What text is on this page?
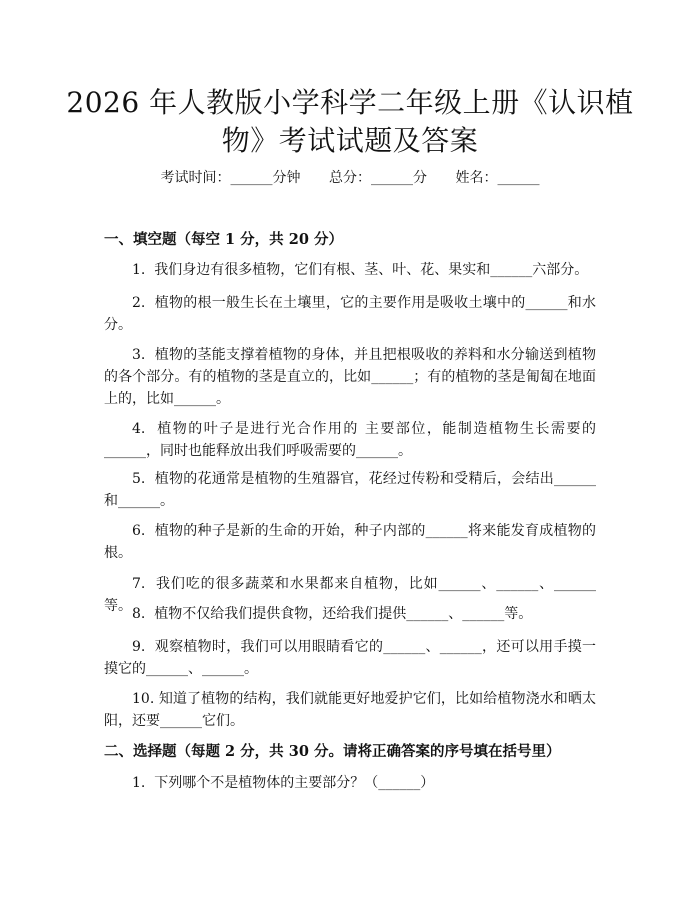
2026 年人教版小学科学二年级上册《认识植物》考试试题及答案
考试时间：______分钟 总分：______分 姓名：______
一、填空题（每空 1 分，共 20 分）
1.  我们身边有很多植物，它们有根、茎、叶、花、果实和______六部分。
2.  植物的根一般生长在土壤里，它的主要作用是吸收土壤中的______和水分。
3.  植物的茎能支撑着植物的身体，并且把根吸收的养料和水分输送到植物的各个部分。有的植物的茎是直立的，比如______；有的植物的茎是匍匐在地面上的，比如______。
4.  植物的叶子是进行光合作用的 主要部位，能制造植物生长需要的______，同时也能释放出我们呼吸需要的______。
5.  植物的花通常是植物的生殖器官，花经过传粉和受精后，会结出______和______。
6.  植物的种子是新的生命的开始，种子内部的______将来能发育成植物的根。
7.  我们吃的很多蔬菜和水果都来自植物，比如______、______、______等。 8.  植物不仅给我们提供食物，还给我们提供______、______等。
9.  观察植物时，我们可以用眼睛看它的______、______，还可以用手摸一摸它的______、______。
10. 知道了植物的结构，我们就能更好地爱护它们，比如给植物浇水和晒太阳，还要______它们。
二、选择题（每题 2 分，共 30 分。请将正确答案的序号填在括号里）
1.  下列哪个不是植物体的主要部分？（______）
